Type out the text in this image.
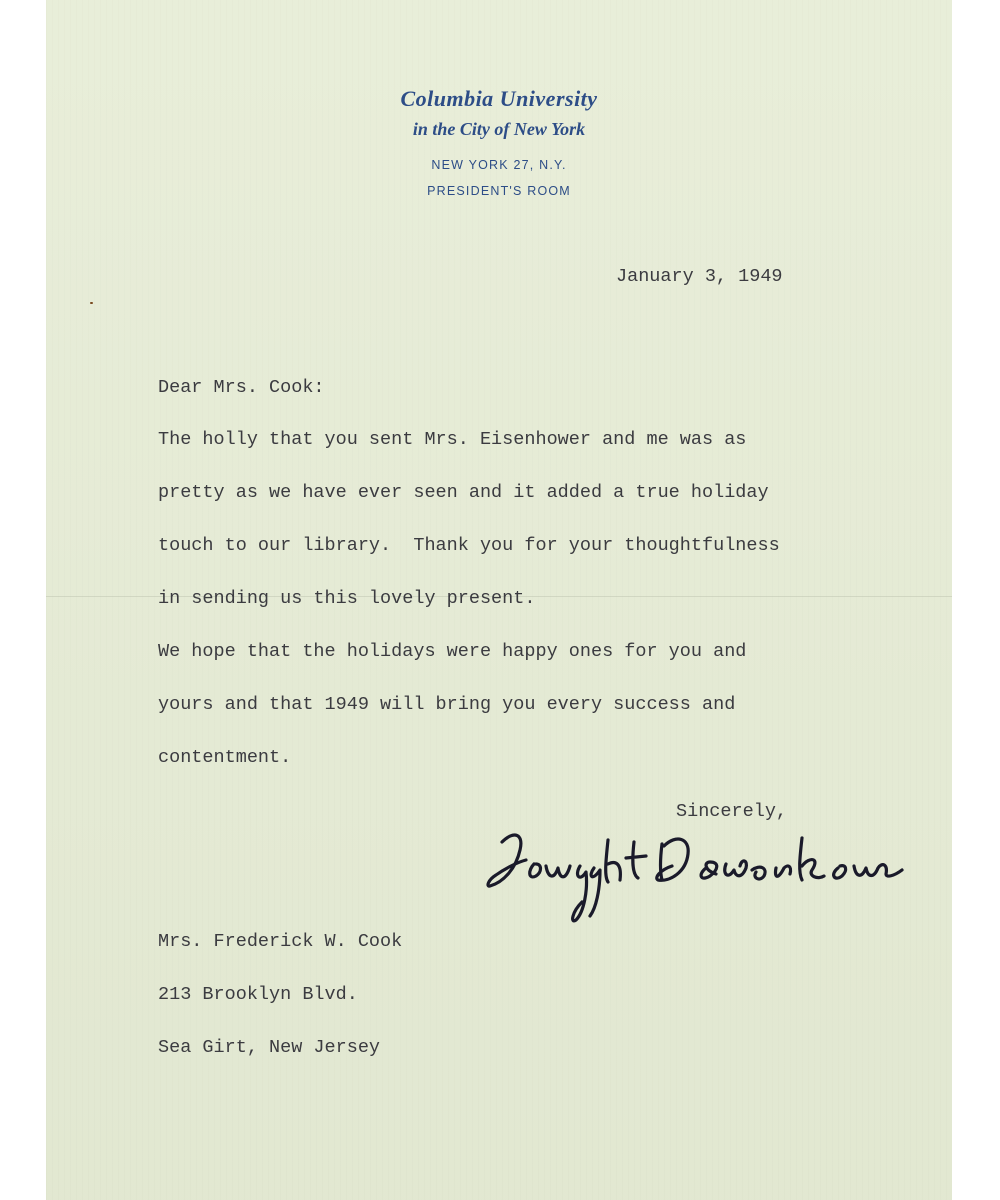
Columbia University
in the City of New York
NEW YORK 27, N.Y.
PRESIDENT'S ROOM
January 3, 1949
Dear Mrs. Cook:
The holly that you sent Mrs. Eisenhower and me was as
pretty as we have ever seen and it added a true holiday
touch to our library.  Thank you for your thoughtfulness
in sending us this lovely present.
We hope that the holidays were happy ones for you and
yours and that 1949 will bring you every success and
contentment.
Sincerely,
Mrs. Frederick W. Cook
213 Brooklyn Blvd.
Sea Girt, New Jersey
